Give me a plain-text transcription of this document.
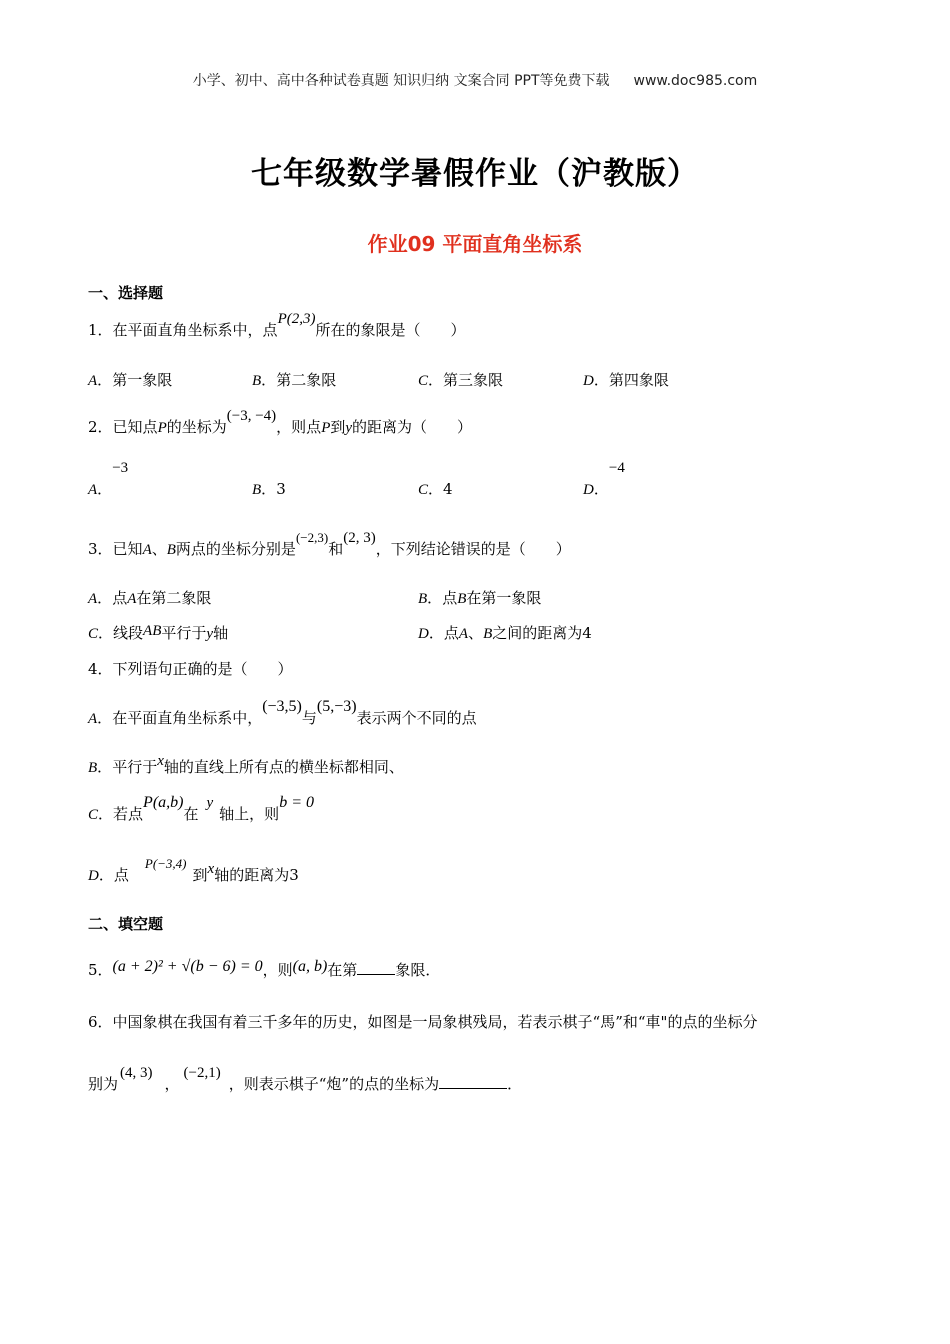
小学、初中、高中各种试卷真题 知识归纳 文案合同 PPT等免费下载 www.doc985.com
七年级数学暑假作业（沪教版）
作业09 平面直角坐标系
一、选择题
1．在平面直角坐标系中，点P(2,3)所在的象限是（　　）
A．第一象限	B．第二象限	C．第三象限	D．第四象限
2．已知点P的坐标为(−3, −4)，则点P到y的距离为（　　）
A．−3
B．3	C．4	D．−4
3．已知A、B两点的坐标分别是(−2,3)和(2, 3)，下列结论错误的是（　　）
A．点A在第二象限	B．点B在第一象限
C．线段AB平行于y轴	D．点A、B之间的距离为4
4．下列语句正确的是（　　）
A．在平面直角坐标系中，(−3,5)与(5,−3)表示两个不同的点
B．平行于x轴的直线上所有点的横坐标都相同、
C．若点P(a,b)在y轴上，则b = 0
D．点P(−3,4)到x轴的距离为3
二、填空题
5．(a + 2)² + √(b − 6) = 0，则(a, b)在第	象限．
6．中国象棋在我国有着三千多年的历史，如图是一局象棋残局，若表示棋子“馬”和“車"的点的坐标分
别为(4, 3)，(−2,1)，则表示棋子“炮”的点的坐标为	．
